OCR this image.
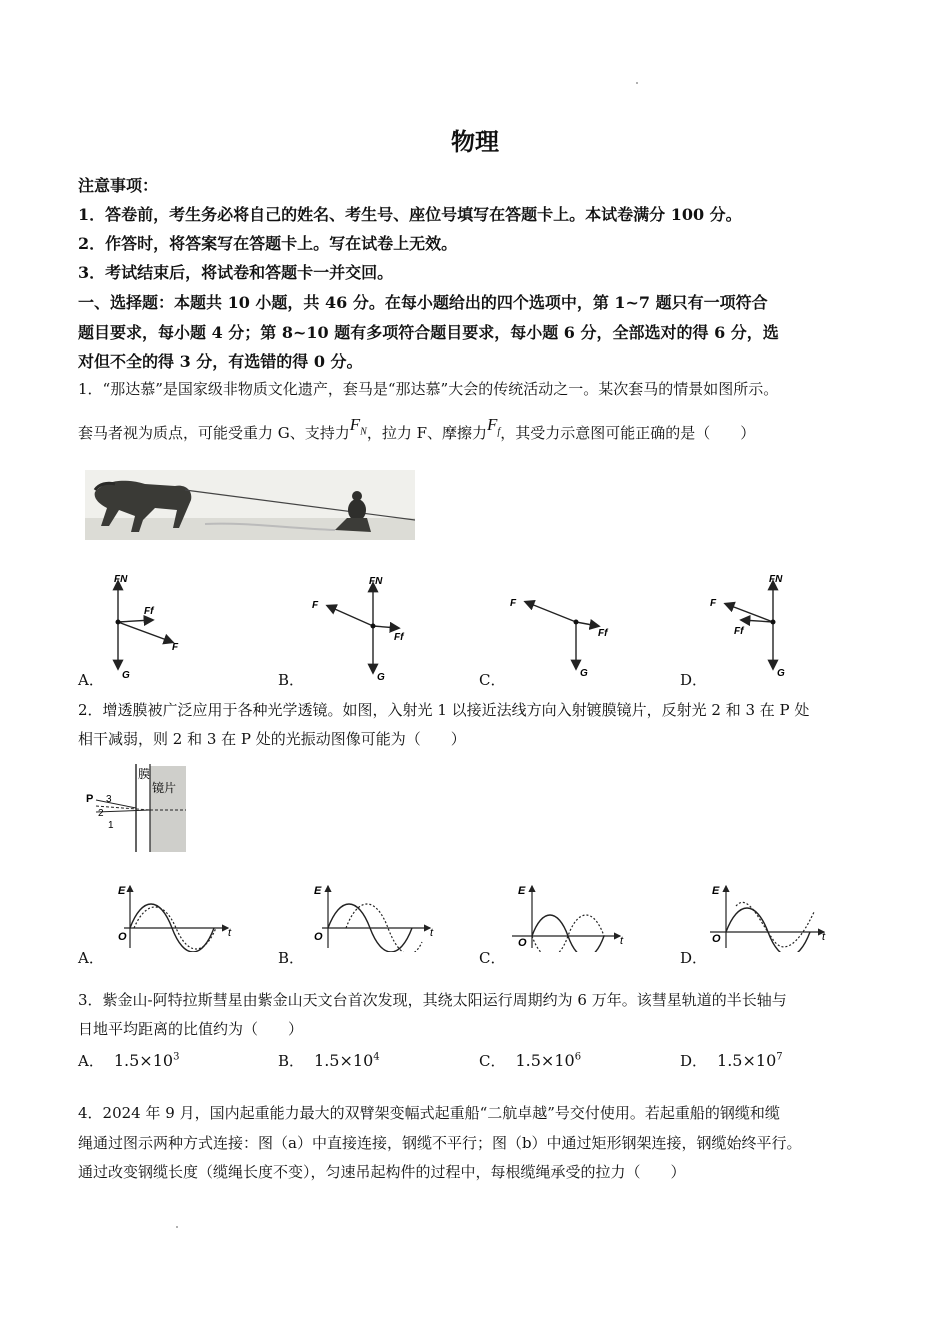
物理
注意事项：
1．答卷前，考生务必将自己的姓名、考生号、座位号填写在答题卡上。本试卷满分 100 分。
2．作答时，将答案写在答题卡上。写在试卷上无效。
3．考试结束后，将试卷和答题卡一并交回。
一、选择题：本题共 10 小题，共 46 分。在每小题给出的四个选项中，第 1~7 题只有一项符合
题目要求，每小题 4 分；第 8~10 题有多项符合题目要求，每小题 6 分，全部选对的得 6 分，选
对但不全的得 3 分，有选错的得 0 分。
1．“那达慕”是国家级非物质文化遗产，套马是“那达慕”大会的传统活动之一。某次套马的情景如图所示。
套马者视为质点，可能受重力 G、支持力$F_N$，拉力 F、摩擦力$F_f$，其受力示意图可能正确的是（　　）
FN
Ff
F
G
FN
Ff
F
G
Ff
F
G
FN
Ff
F
G
A．	B．	C．	D．
2．增透膜被广泛应用于各种光学透镜。如图，入射光 1 以接近法线方向入射镀膜镜片，反射光 2 和 3 在 P 处
相干减弱，则 2 和 3 在 P 处的光振动图像可能为（　　）
膜
镜片
P 3
2
1
E
O	t
E
O	t
E
O	t
E
O	t
A．	B．	C．	D．
3．紫金山-阿特拉斯彗星由紫金山天文台首次发现，其绕太阳运行周期约为 6 万年。该彗星轨道的半长轴与
日地平均距离的比值约为（　　）
A． $1.5\times 10^3$	B． $1.5\times 10^4$	C． $1.5\times 10^6$	D． $1.5\times 10^7$
4．2024 年 9 月，国内起重能力最大的双臂架变幅式起重船“二航卓越”号交付使用。若起重船的钢缆和缆
绳通过图示两种方式连接：图（a）中直接连接，钢缆不平行；图（b）中通过矩形钢架连接，钢缆始终平行。
通过改变钢缆长度（缆绳长度不变），匀速吊起构件的过程中，每根缆绳承受的拉力（　　）
